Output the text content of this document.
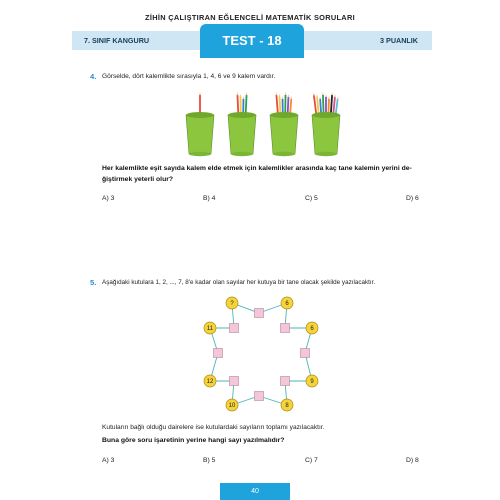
ZİHİN ÇALIŞTIRAN EĞLENCELİ MATEMATİK SORULARI
7. SINIF KANGURU	3 PUANLIK
TEST - 18
4. Görselde, dört kalemlikte sırasıyla 1, 4, 6 ve 9 kalem vardır.
Her kalemlikte eşit sayıda kalem elde etmek için kalemlikler arasında kaç tane kalemin yerini de-
ğiştirmek yeterli olur?
A) 3	B) 4	C) 5	D) 6
5. Aşağıdaki kutulara 1, 2, ..., 7, 8'e kadar olan sayılar her kutuya bir tane olacak şekilde yazılacaktır.
?	6
11	6
12	9
10	8
Kutuların bağlı olduğu dairelere ise kutulardaki sayıların toplamı yazılacaktır.
Buna göre soru işaretinin yerine hangi sayı yazılmalıdır?
A) 3	B) 5	C) 7	D) 8
40
